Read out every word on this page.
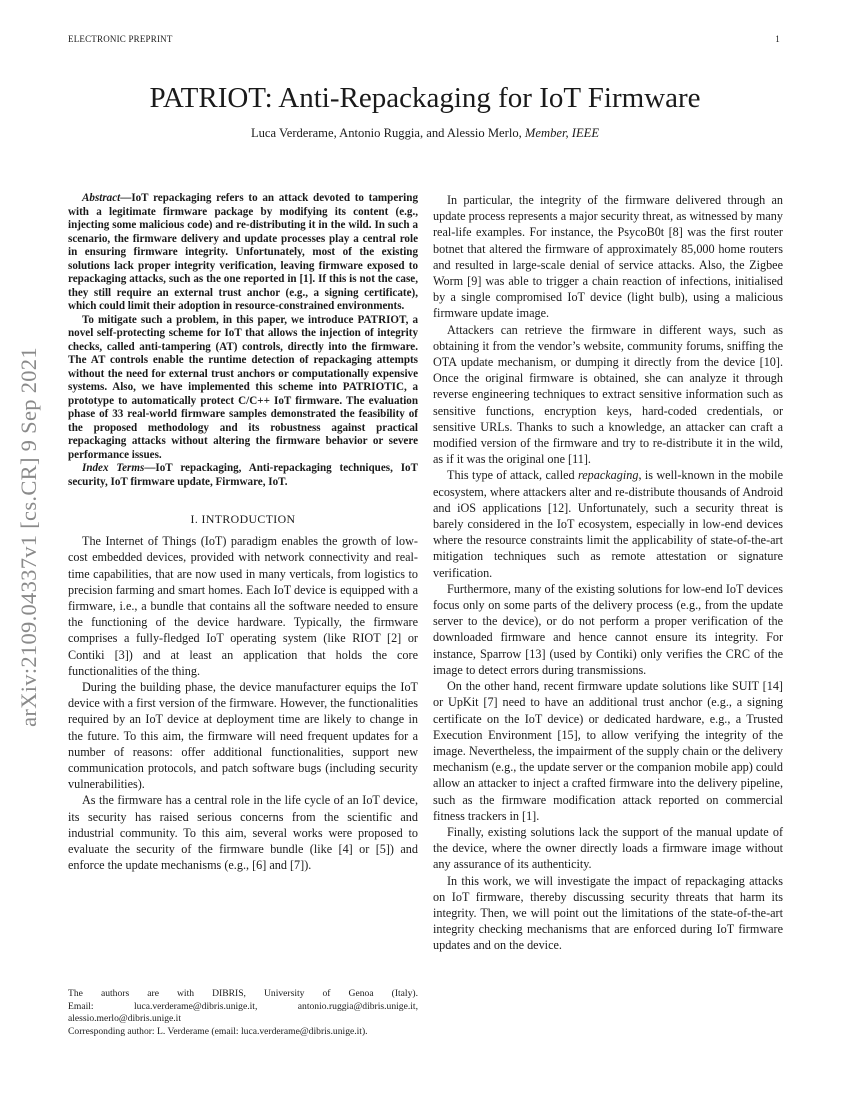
ELECTRONIC PREPRINT	1
PATRIOT: Anti-Repackaging for IoT Firmware
Luca Verderame, Antonio Ruggia, and Alessio Merlo, Member, IEEE
arXiv:2109.04337v1 [cs.CR] 9 Sep 2021

Abstract—IoT repackaging refers to an attack devoted to tampering with a legitimate firmware package by modifying its content (e.g., injecting some malicious code) and re-distributing it in the wild. In such a scenario, the firmware delivery and update processes play a central role in ensuring firmware integrity. Unfortunately, most of the existing solutions lack proper integrity verification, leaving firmware exposed to repackaging attacks, such as the one reported in [1]. If this is not the case, they still require an external trust anchor (e.g., a signing certificate), which could limit their adoption in resource-constrained environments.

To mitigate such a problem, in this paper, we introduce PATRIOT, a novel self-protecting scheme for IoT that allows the injection of integrity checks, called anti-tampering (AT) controls, directly into the firmware. The AT controls enable the runtime detection of repackaging attempts without the need for external trust anchors or computationally expensive systems. Also, we have implemented this scheme into PATRIOTIC, a prototype to automatically protect C/C++ IoT firmware. The evaluation phase of 33 real-world firmware samples demonstrated the feasibility of the proposed methodology and its robustness against practical repackaging attacks without altering the firmware behavior or severe performance issues.

Index Terms—IoT repackaging, Anti-repackaging techniques, IoT security, IoT firmware update, Firmware, IoT.

I. INTRODUCTION

The Internet of Things (IoT) paradigm enables the growth of low-cost embedded devices, provided with network connectivity and real-time capabilities, that are now used in many verticals, from logistics to precision farming and smart homes. Each IoT device is equipped with a firmware, i.e., a bundle that contains all the software needed to ensure the functioning of the device hardware. Typically, the firmware comprises a fully-fledged IoT operating system (like RIOT [2] or Contiki [3]) and at least an application that holds the core functionalities of the thing.

During the building phase, the device manufacturer equips the IoT device with a first version of the firmware. However, the functionalities required by an IoT device at deployment time are likely to change in the future. To this aim, the firmware will need frequent updates for a number of reasons: offer additional functionalities, support new communication protocols, and patch software bugs (including security vulnerabilities).

As the firmware has a central role in the life cycle of an IoT device, its security has raised serious concerns from the scientific and industrial community. To this aim, several works were proposed to evaluate the security of the firmware bundle (like [4] or [5]) and enforce the update mechanisms (e.g., [6] and [7]).

The authors are with DIBRIS, University of Genoa (Italy).

Email: luca.verderame@dibris.unige.it, antonio.ruggia@dibris.unige.it,

alessio.merlo@dibris.unige.it

Corresponding author: L. Verderame (email: luca.verderame@dibris.unige.it).

In particular, the integrity of the firmware delivered through an update process represents a major security threat, as witnessed by many real-life examples. For instance, the PsycoB0t [8] was the first router botnet that altered the firmware of approximately 85,000 home routers and resulted in large-scale denial of service attacks. Also, the Zigbee Worm [9] was able to trigger a chain reaction of infections, initialised by a single compromised IoT device (light bulb), using a malicious firmware update image.

Attackers can retrieve the firmware in different ways, such as obtaining it from the vendor’s website, community forums, sniffing the OTA update mechanism, or dumping it directly from the device [10]. Once the original firmware is obtained, she can analyze it through reverse engineering techniques to extract sensitive information such as sensitive functions, encryption keys, hard-coded credentials, or sensitive URLs. Thanks to such a knowledge, an attacker can craft a modified version of the firmware and try to re-distribute it in the wild, as if it was the original one [11].

This type of attack, called repackaging, is well-known in the mobile ecosystem, where attackers alter and re-distribute thousands of Android and iOS applications [12]. Unfortunately, such a security threat is barely considered in the IoT ecosystem, especially in low-end devices where the resource constraints limit the applicability of state-of-the-art mitigation techniques such as remote attestation or signature verification.

Furthermore, many of the existing solutions for low-end IoT devices focus only on some parts of the delivery process (e.g., from the update server to the device), or do not perform a proper verification of the downloaded firmware and hence cannot ensure its integrity. For instance, Sparrow [13] (used by Contiki) only verifies the CRC of the image to detect errors during transmissions.

On the other hand, recent firmware update solutions like SUIT [14] or UpKit [7] need to have an additional trust anchor (e.g., a signing certificate on the IoT device) or dedicated hardware, e.g., a Trusted Execution Environment [15], to allow verifying the integrity of the image. Nevertheless, the impairment of the supply chain or the delivery mechanism (e.g., the update server or the companion mobile app) could allow an attacker to inject a crafted firmware into the delivery pipeline, such as the firmware modification attack reported on commercial fitness trackers in [1].

Finally, existing solutions lack the support of the manual update of the device, where the owner directly loads a firmware image without any assurance of its authenticity.

In this work, we will investigate the impact of repackaging attacks on IoT firmware, thereby discussing security threats that harm its integrity. Then, we will point out the limitations of the state-of-the-art integrity checking mechanisms that are enforced during IoT firmware updates and on the device.
